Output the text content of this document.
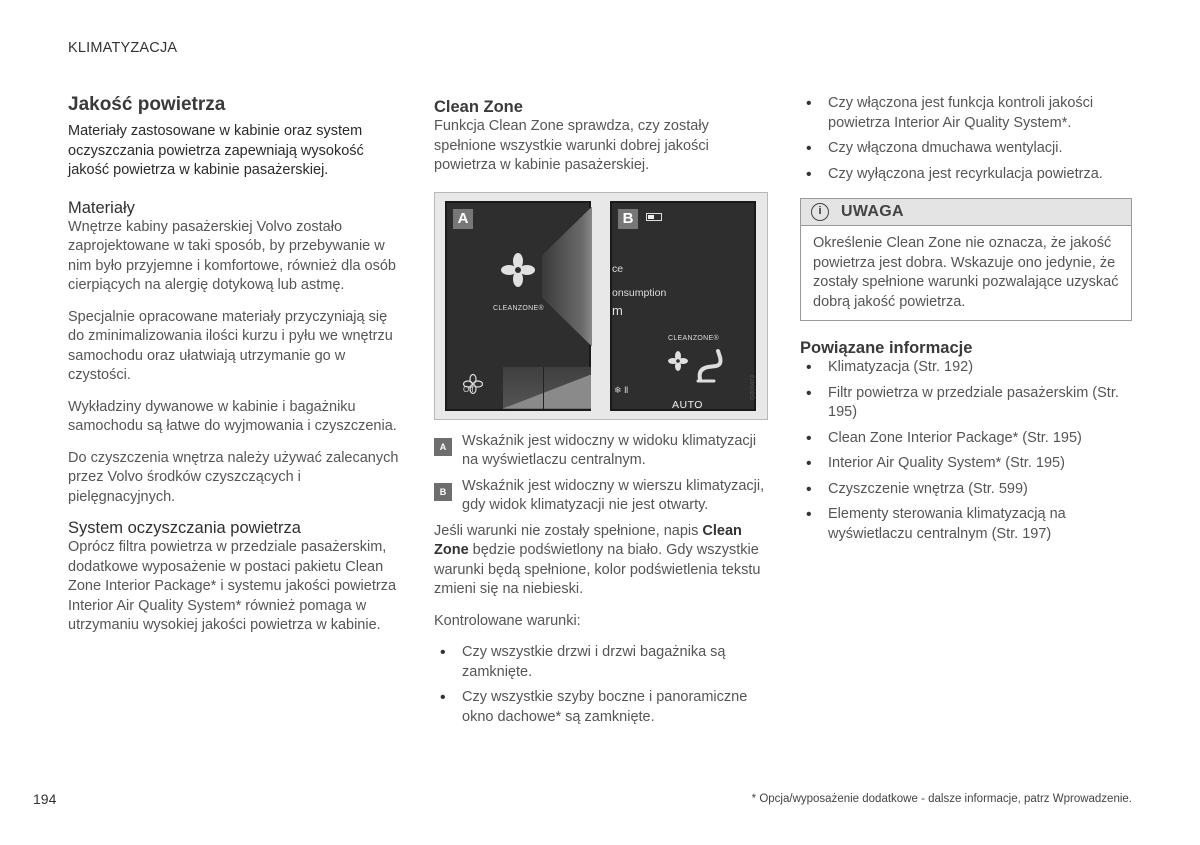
KLIMATYZACJA
Jakość powietrza

Materiały zastosowane w kabinie oraz system oczyszczania powietrza zapewniają wysokość jakość powietrza w kabinie pasażerskiej.

Materiały

Wnętrze kabiny pasażerskiej Volvo zostało zaprojektowane w taki sposób, by przebywanie w nim było przyjemne i komfortowe, również dla osób cierpiących na alergię dotykową lub astmę.

Specjalnie opracowane materiały przyczyniają się do zminimalizowania ilości kurzu i pyłu we wnętrzu samochodu oraz ułatwiają utrzymanie go w czystości.

Wykładziny dywanowe w kabinie i bagażniku samochodu są łatwe do wyjmowania i czyszczenia.

Do czyszczenia wnętrza należy używać zalecanych przez Volvo środków czyszczących i pielęgnacyjnych.

System oczyszczania powietrza

Oprócz filtra powietrza w przedziale pasażerskim, dodatkowe wyposażenie w postaci pakietu Clean Zone Interior Package* i systemu jakości powietrza Interior Air Quality System* również pomaga w utrzymaniu wysokiej jakości powietrza w kabinie.

Clean Zone

Funkcja Clean Zone sprawdza, czy zostały spełnione wszystkie warunki dobrej jakości powietrza w kabinie pasażerskiej.

A
CLEANZONE®
Off
B
ce
onsumption
m
CLEANZONE®
❄ Ⅱ
AUTO
G000473
A	Wskaźnik jest widoczny w widoku klimatyzacji na wyświetlaczu centralnym.
B	Wskaźnik jest widoczny w wierszu klimatyzacji, gdy widok klimatyzacji nie jest otwarty.

Jeśli warunki nie zostały spełnione, napis Clean Zone będzie podświetlony na biało. Gdy wszystkie warunki będą spełnione, kolor podświetlenia tekstu zmieni się na niebieski.

Kontrolowane warunki:

• Czy wszystkie drzwi i drzwi bagażnika są zamknięte.
• Czy wszystkie szyby boczne i panoramiczne okno dachowe* są zamknięte.
• Czy włączona jest funkcja kontroli jakości powietrza Interior Air Quality System*.
• Czy włączona dmuchawa wentylacji.
• Czy wyłączona jest recyrkulacja powietrza.
i	UWAGA
Określenie Clean Zone nie oznacza, że jakość powietrza jest dobra. Wskazuje ono jedynie, że zostały spełnione warunki pozwalające uzyskać dobrą jakość powietrza.
Powiązane informacje
• Klimatyzacja (Str. 192)
• Filtr powietrza w przedziale pasażerskim (Str. 195)
• Clean Zone Interior Package* (Str. 195)
• Interior Air Quality System* (Str. 195)
• Czyszczenie wnętrza (Str. 599)
• Elementy sterowania klimatyzacją na wyświetlaczu centralnym (Str. 197)
194	* Opcja/wyposażenie dodatkowe - dalsze informacje, patrz Wprowadzenie.
